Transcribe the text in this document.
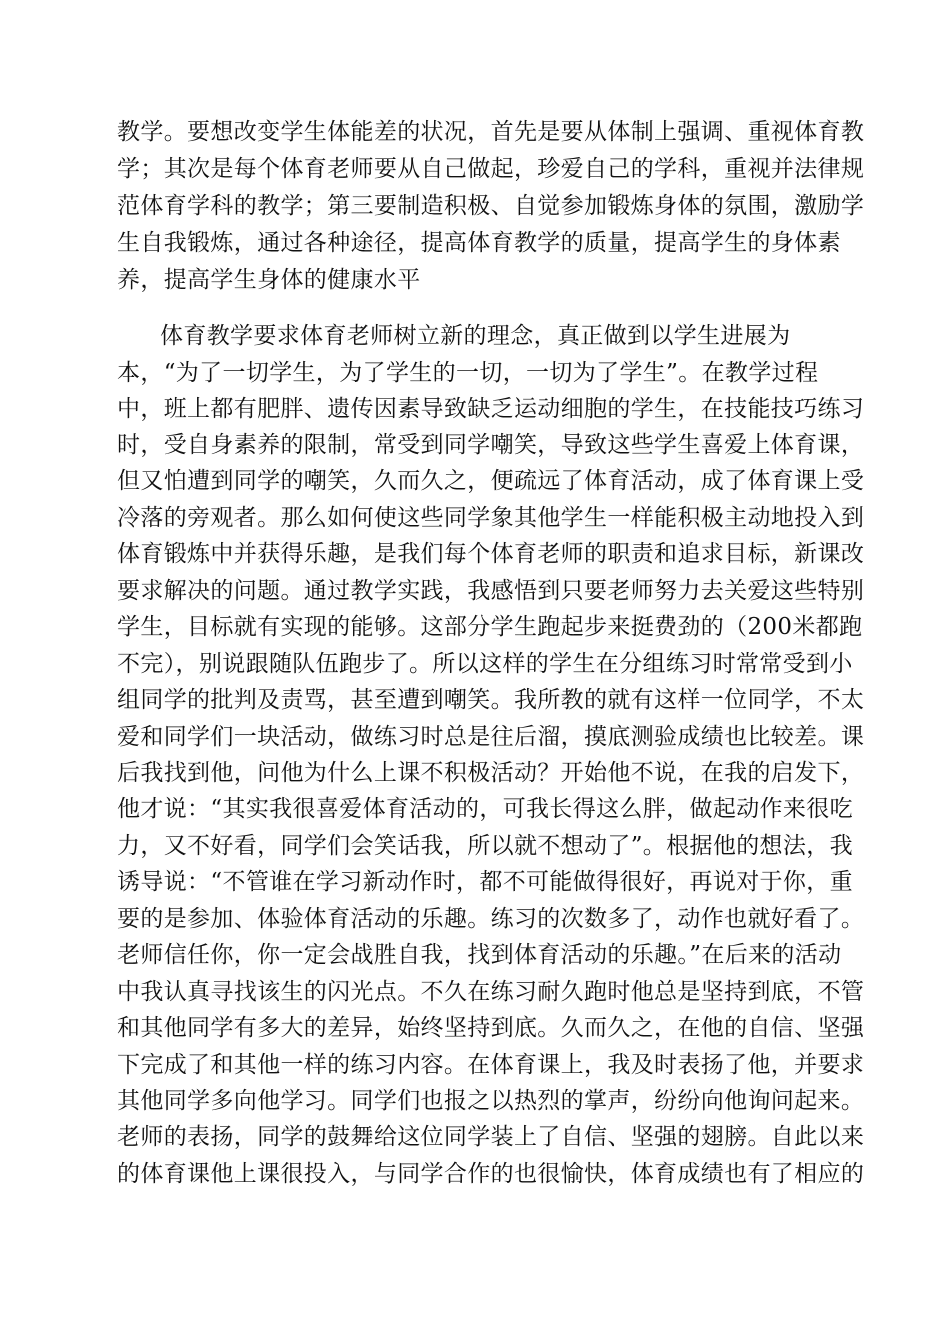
教学。要想改变学生体能差的状况，首先是要从体制上强调、重视体育教
学；其次是每个体育老师要从自己做起，珍爱自己的学科，重视并法律规
范体育学科的教学；第三要制造积极、自觉参加锻炼身体的氛围，激励学
生自我锻炼，通过各种途径，提高体育教学的质量，提高学生的身体素
养，提高学生身体的健康水平
体育教学要求体育老师树立新的理念，真正做到以学生进展为
本，“为了一切学生，为了学生的一切，一切为了学生”。在教学过程
中，班上都有肥胖、遗传因素导致缺乏运动细胞的学生，在技能技巧练习
时，受自身素养的限制，常受到同学嘲笑，导致这些学生喜爱上体育课，
但又怕遭到同学的嘲笑，久而久之，便疏远了体育活动，成了体育课上受
冷落的旁观者。那么如何使这些同学象其他学生一样能积极主动地投入到
体育锻炼中并获得乐趣，是我们每个体育老师的职责和追求目标，新课改
要求解决的问题。通过教学实践，我感悟到只要老师努力去关爱这些特别
学生，目标就有实现的能够。这部分学生跑起步来挺费劲的（200米都跑
不完），别说跟随队伍跑步了。所以这样的学生在分组练习时常常受到小
组同学的批判及责骂，甚至遭到嘲笑。我所教的就有这样一位同学，不太
爱和同学们一块活动，做练习时总是往后溜，摸底测验成绩也比较差。课
后我找到他，问他为什么上课不积极活动？开始他不说，在我的启发下，
他才说：“其实我很喜爱体育活动的，可我长得这么胖，做起动作来很吃
力，又不好看，同学们会笑话我，所以就不想动了”。根据他的想法，我
诱导说：“不管谁在学习新动作时，都不可能做得很好，再说对于你，重
要的是参加、体验体育活动的乐趣。练习的次数多了，动作也就好看了。
老师信任你，你一定会战胜自我，找到体育活动的乐趣。”在后来的活动
中我认真寻找该生的闪光点。不久在练习耐久跑时他总是坚持到底，不管
和其他同学有多大的差异，始终坚持到底。久而久之，在他的自信、坚强
下完成了和其他一样的练习内容。在体育课上，我及时表扬了他，并要求
其他同学多向他学习。同学们也报之以热烈的掌声，纷纷向他询问起来。
老师的表扬，同学的鼓舞给这位同学装上了自信、坚强的翅膀。自此以来
的体育课他上课很投入，与同学合作的也很愉快，体育成绩也有了相应的
